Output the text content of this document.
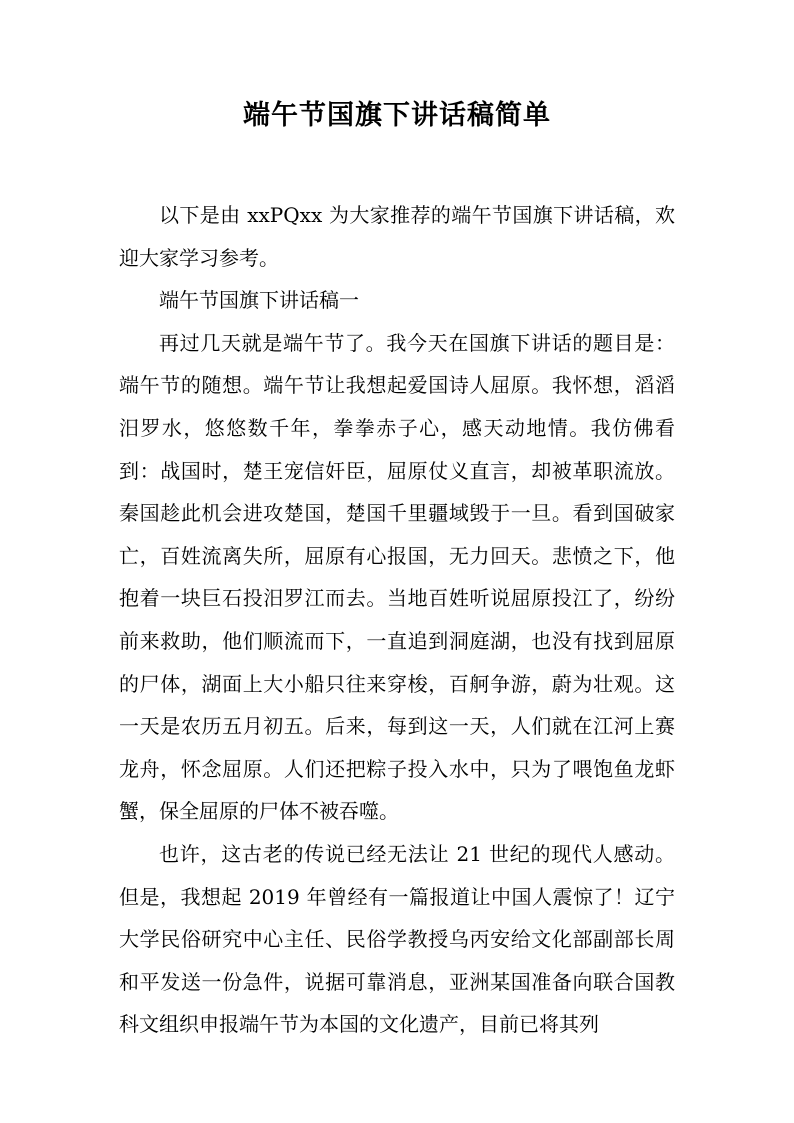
端午节国旗下讲话稿简单

以下是由 xxPQxx 为大家推荐的端午节国旗下讲话稿，欢迎大家学习参考。

端午节国旗下讲话稿一

再过几天就是端午节了。我今天在国旗下讲话的题目是：端午节的随想。端午节让我想起爱国诗人屈原。我怀想，滔滔汨罗水，悠悠数千年，拳拳赤子心，感天动地情。我仿佛看到：战国时，楚王宠信奸臣，屈原仗义直言，却被革职流放。秦国趁此机会进攻楚国，楚国千里疆域毁于一旦。看到国破家亡，百姓流离失所，屈原有心报国，无力回天。悲愤之下，他抱着一块巨石投汨罗江而去。当地百姓听说屈原投江了，纷纷前来救助，他们顺流而下，一直追到洞庭湖，也没有找到屈原的尸体，湖面上大小船只往来穿梭，百舸争游，蔚为壮观。这一天是农历五月初五。后来，每到这一天，人们就在江河上赛龙舟，怀念屈原。人们还把粽子投入水中，只为了喂饱鱼龙虾蟹，保全屈原的尸体不被吞噬。

也许，这古老的传说已经无法让 21 世纪的现代人感动。但是，我想起 2019 年曾经有一篇报道让中国人震惊了！辽宁大学民俗研究中心主任、民俗学教授乌丙安给文化部副部长周和平发送一份急件，说据可靠消息，亚洲某国准备向联合国教科文组织申报端午节为本国的文化遗产，目前已将其列
